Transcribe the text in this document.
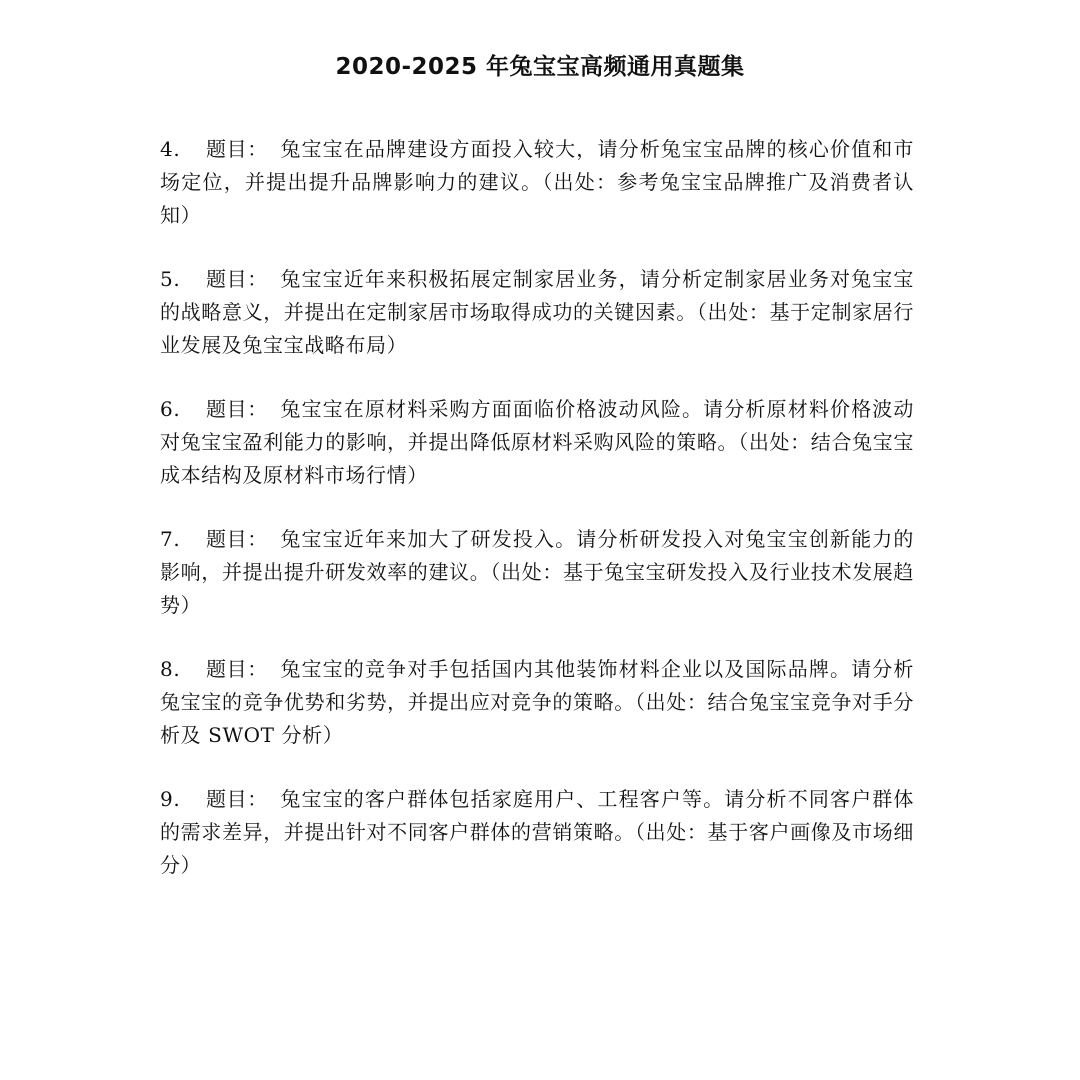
2020-2025 年兔宝宝高频通用真题集
4. 题目： 兔宝宝在品牌建设方面投入较大，请分析兔宝宝品牌的核心价值和市场定位，并提出提升品牌影响力的建议。（出处：参考兔宝宝品牌推广及消费者认知）
5. 题目： 兔宝宝近年来积极拓展定制家居业务，请分析定制家居业务对兔宝宝的战略意义，并提出在定制家居市场取得成功的关键因素。（出处：基于定制家居行业发展及兔宝宝战略布局）
6. 题目： 兔宝宝在原材料采购方面面临价格波动风险。请分析原材料价格波动对兔宝宝盈利能力的影响，并提出降低原材料采购风险的策略。（出处：结合兔宝宝成本结构及原材料市场行情）
7. 题目： 兔宝宝近年来加大了研发投入。请分析研发投入对兔宝宝创新能力的影响，并提出提升研发效率的建议。（出处：基于兔宝宝研发投入及行业技术发展趋势）
8. 题目： 兔宝宝的竞争对手包括国内其他装饰材料企业以及国际品牌。请分析兔宝宝的竞争优势和劣势，并提出应对竞争的策略。（出处：结合兔宝宝竞争对手分析及 SWOT 分析）
9. 题目： 兔宝宝的客户群体包括家庭用户、工程客户等。请分析不同客户群体的需求差异，并提出针对不同客户群体的营销策略。（出处：基于客户画像及市场细分）
